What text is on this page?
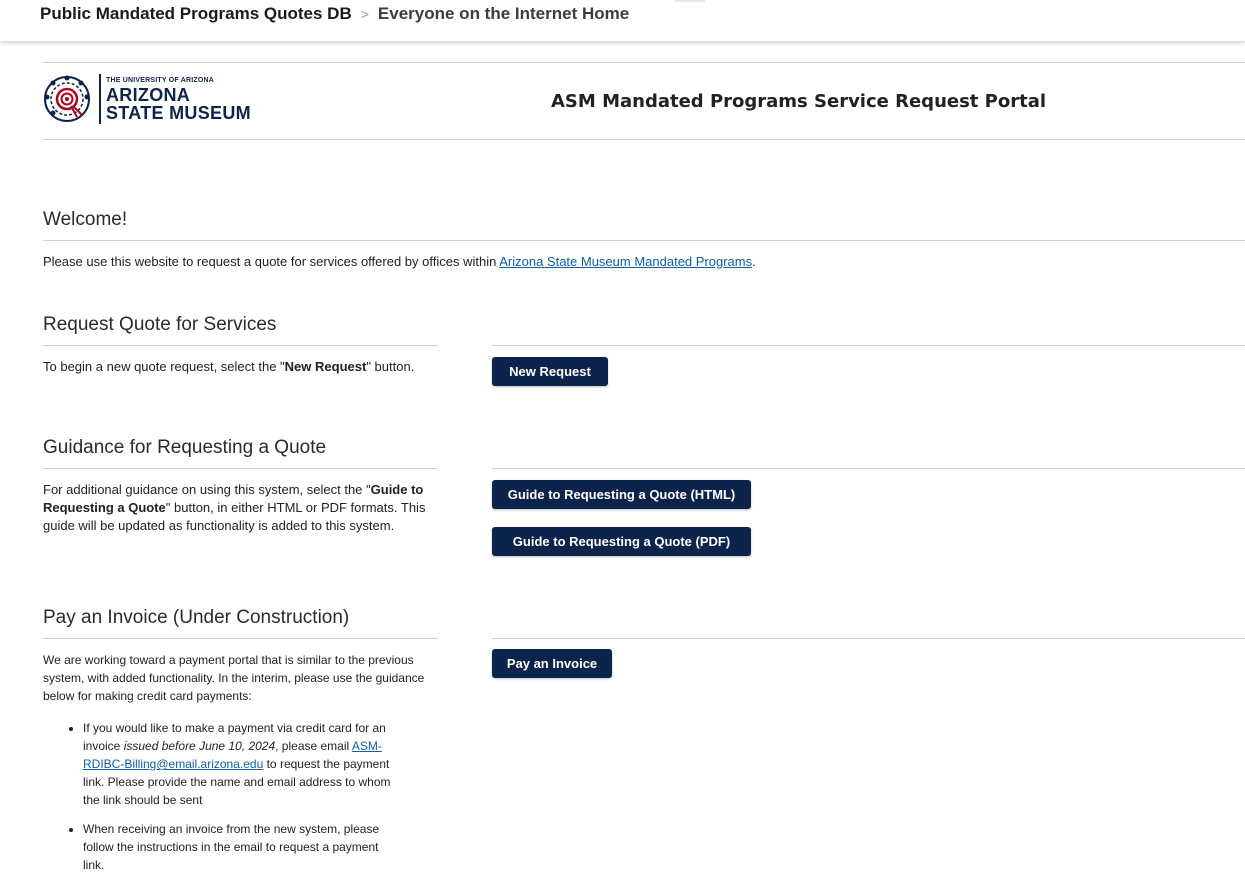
Public Mandated Programs Quotes DB > Everyone on the Internet Home
THE UNIVERSITY OF ARIZONA
ARIZONA
STATE MUSEUM
ASM Mandated Programs Service Request Portal
Welcome!
Please use this website to request a quote for services offered by offices within Arizona State Museum Mandated Programs.
Request Quote for Services
To begin a new quote request, select the "New Request" button.	New Request
Guidance for Requesting a Quote
For additional guidance on using this system, select the "Guide to Requesting a Quote" button, in either HTML or PDF formats. This guide will be updated as functionality is added to this system.
Guide to Requesting a Quote (HTML)
Guide to Requesting a Quote (PDF)
Pay an Invoice (Under Construction)
We are working toward a payment portal that is similar to the previous system, with added functionality. In the interim, please use the guidance below for making credit card payments:
• If you would like to make a payment via credit card for an invoice issued before June 10, 2024, please email ASM-RDIBC-Billing@email.arizona.edu to request the payment link. Please provide the name and email address to whom the link should be sent
• When receiving an invoice from the new system, please follow the instructions in the email to request a payment link.
Pay an Invoice
